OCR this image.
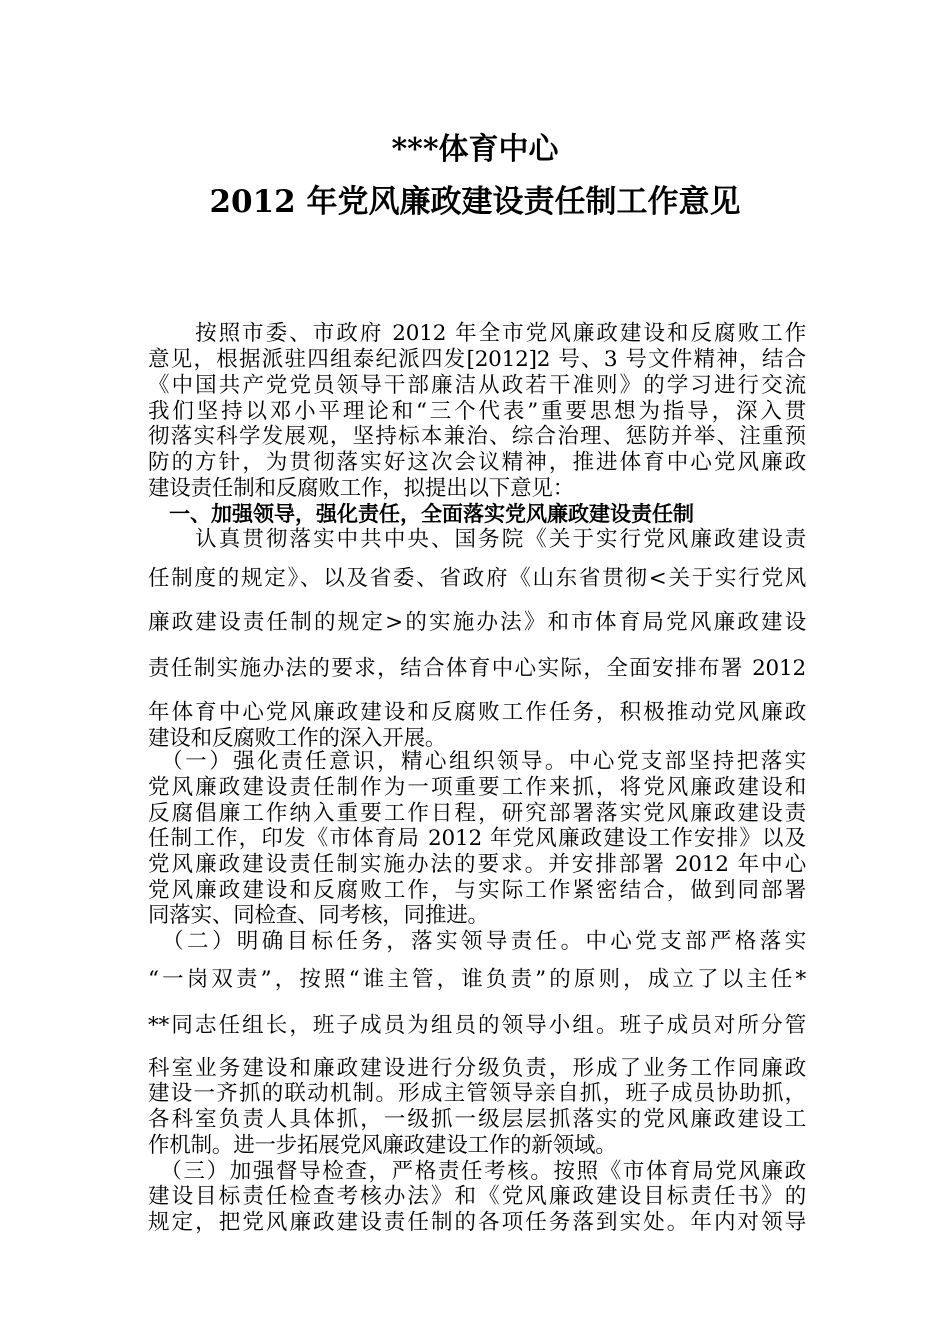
***体育中心
2012 年党风廉政建设责任制工作意见
　　按照市委、市政府 2012 年全市党风廉政建设和反腐败工作
意见，根据派驻四组泰纪派四发[2012]2 号、3 号文件精神，结合
《中国共产党党员领导干部廉洁从政若干准则》的学习进行交流
我们坚持以邓小平理论和“三个代表”重要思想为指导，深入贯
彻落实科学发展观，坚持标本兼治、综合治理、惩防并举、注重预
防的方针，为贯彻落实好这次会议精神，推进体育中心党风廉政
建设责任制和反腐败工作，拟提出以下意见：
　一、加强领导，强化责任，全面落实党风廉政建设责任制
　　认真贯彻落实中共中央、国务院《关于实行党风廉政建设责
任制度的规定》、以及省委、省政府《山东省贯彻<关于实行党风
廉政建设责任制的规定>的实施办法》和市体育局党风廉政建设
责任制实施办法的要求，结合体育中心实际，全面安排布署 2012
年体育中心党风廉政建设和反腐败工作任务，积极推动党风廉政
建设和反腐败工作的深入开展。
　（一）强化责任意识，精心组织领导。中心党支部坚持把落实
党风廉政建设责任制作为一项重要工作来抓，将党风廉政建设和
反腐倡廉工作纳入重要工作日程，研究部署落实党风廉政建设责
任制工作，印发《市体育局 2012 年党风廉政建设工作安排》以及
党风廉政建设责任制实施办法的要求。并安排部署 2012 年中心
党风廉政建设和反腐败工作，与实际工作紧密结合，做到同部署
同落实、同检查、同考核，同推进。
　（二）明确目标任务，落实领导责任。中心党支部严格落实
“一岗双责”，按照“谁主管，谁负责”的原则，成立了以主任*
**同志任组长，班子成员为组员的领导小组。班子成员对所分管
科室业务建设和廉政建设进行分级负责，形成了业务工作同廉政
建设一齐抓的联动机制。形成主管领导亲自抓，班子成员协助抓，
各科室负责人具体抓，一级抓一级层层抓落实的党风廉政建设工
作机制。进一步拓展党风廉政建设工作的新领域。
　（三）加强督导检查，严格责任考核。按照《市体育局党风廉政
建设目标责任检查考核办法》和《党风廉政建设目标责任书》的
规定，把党风廉政建设责任制的各项任务落到实处。年内对领导
